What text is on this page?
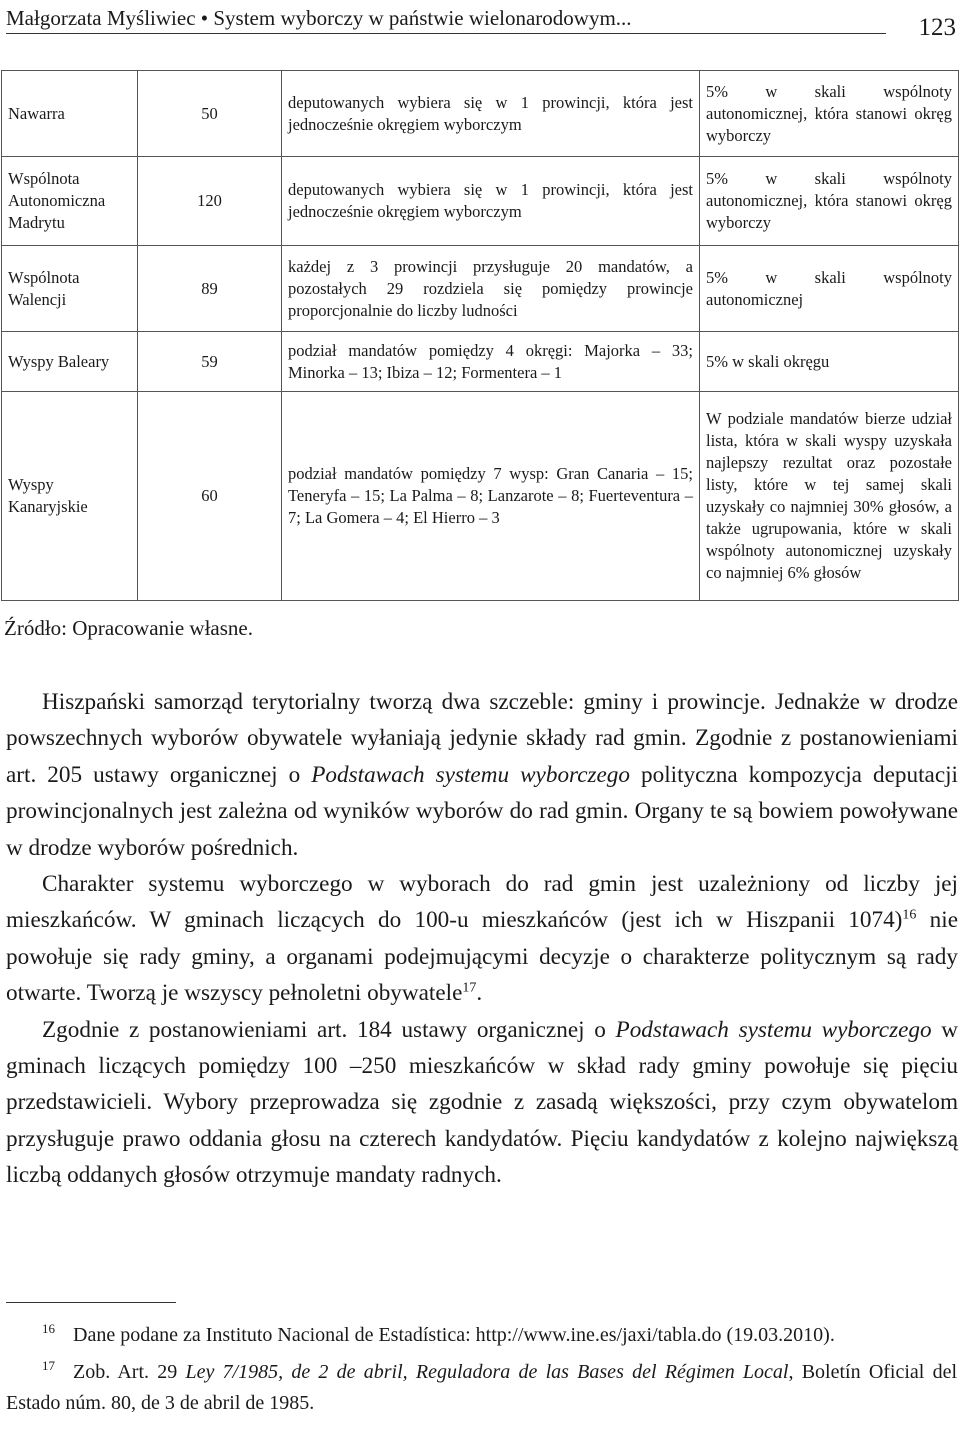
Małgorzata Myśliwiec • System wyborczy w państwie wielonarodowym...	123
Nawarra	50	deputowanych wybiera się w 1 prowincji, która jest jednocześnie okręgiem wyborczym	5% w skali wspólnoty autonomicznej, która stanowi okręg wyborczy
Wspólnota Autonomiczna Madrytu	120	deputowanych wybiera się w 1 prowincji, która jest jednocześnie okręgiem wyborczym	5% w skali wspólnoty autonomicznej, która stanowi okręg wyborczy
Wspólnota Walencji	89	każdej z 3 prowincji przysługuje 20 mandatów, a pozostałych 29 rozdziela się pomiędzy prowincje proporcjonalnie do liczby ludności	5% w skali wspólnoty autonomicznej
Wyspy Baleary	59	podział mandatów pomiędzy 4 okręgi: Majorka – 33; Minorka – 13; Ibiza – 12; Formentera – 1	5% w skali okręgu
Wyspy Kanaryjskie	60	podział mandatów pomiędzy 7 wysp: Gran Canaria – 15; Teneryfa – 15; La Palma – 8; Lanzarote – 8; Fuerteventura – 7; La Gomera – 4; El Hierro – 3	W podziale mandatów bierze udział lista, która w skali wyspy uzyskała najlepszy rezultat oraz pozostałe listy, które w tej samej skali uzyskały co najmniej 30% głosów, a także ugrupowania, które w skali wspólnoty autonomicznej uzyskały co najmniej 6% głosów
Źródło: Opracowanie własne.

Hiszpański samorząd terytorialny tworzą dwa szczeble: gminy i prowincje. Jednakże w drodze powszechnych wyborów obywatele wyłaniają jedynie składy rad gmin. Zgodnie z postanowieniami art. 205 ustawy organicznej o Podstawach systemu wyborczego polityczna kompozycja deputacji prowincjonalnych jest zależna od wyników wyborów do rad gmin. Organy te są bowiem powoływane w drodze wyborów pośrednich.

Charakter systemu wyborczego w wyborach do rad gmin jest uzależniony od liczby jej mieszkańców. W gminach liczących do 100-u mieszkańców (jest ich w Hiszpanii 1074)$^{16}$ nie powołuje się rady gminy, a organami podejmującymi decyzje o charakterze politycznym są rady otwarte. Tworzą je wszyscy pełnoletni obywatele$^{17}$.

Zgodnie z postanowieniami art. 184 ustawy organicznej o Podstawach systemu wyborczego w gminach liczących pomiędzy 100 –250 mieszkańców w skład rady gminy powołuje się pięciu przedstawicieli. Wybory przeprowadza się zgodnie z zasadą większości, przy czym obywatelom przysługuje prawo oddania głosu na czterech kandydatów. Pięciu kandydatów z kolejno największą liczbą oddanych głosów otrzymuje mandaty radnych.

$^{16}$ Dane podane za Instituto Nacional de Estadística: http://www.ine.es/jaxi/tabla.do (19.03.2010).

$^{17}$ Zob. Art. 29 Ley 7/1985, de 2 de abril, Reguladora de las Bases del Régimen Local, Boletín Oficial del Estado núm. 80, de 3 de abril de 1985.
